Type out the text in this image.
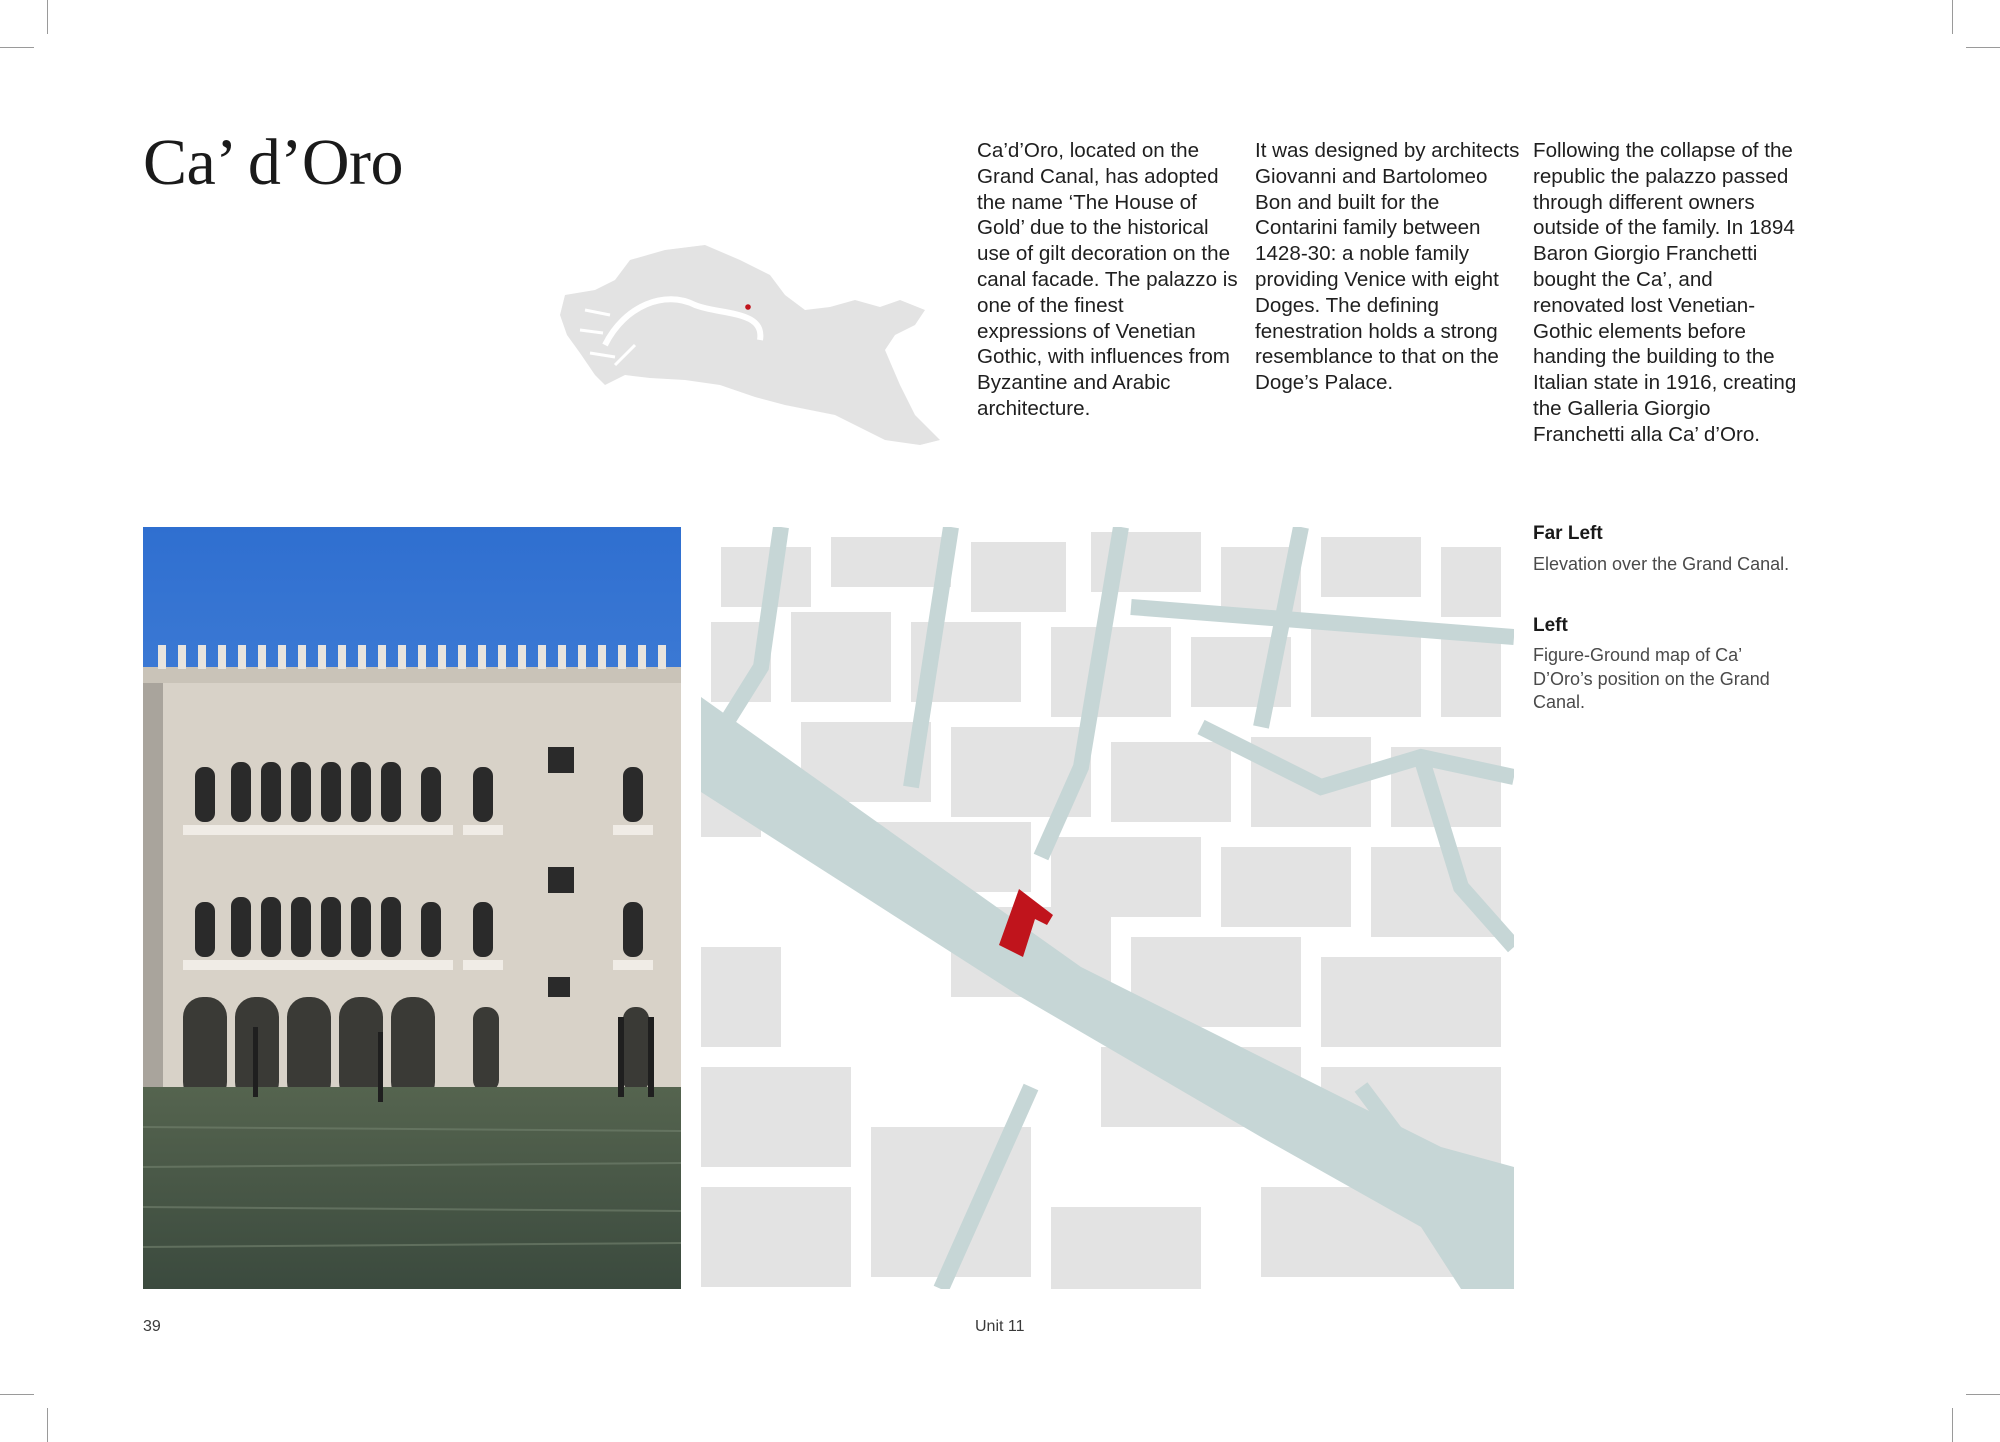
Ca’ d’Oro	Ca’d’Oro, located on the Grand Canal, has adopted the name ‘The House of Gold’ due to the historical use of gilt decoration on the canal facade. The palazzo is one of the finest expressions of Venetian Gothic, with influences from Byzantine and Arabic architecture.

It was designed by architects Giovanni and Bartolomeo Bon and built for the Contarini family between 1428-30: a noble family providing Venice with eight Doges. The defining fenestration holds a strong resemblance to that on the Doge’s Palace.

Following the collapse of the republic the palazzo passed through different owners outside of the family. In 1894 Baron Giorgio Franchetti bought the Ca’, and renovated lost Venetian-Gothic elements before handing the building to the Italian state in 1916, creating the Galleria Giorgio Franchetti alla Ca’ d’Oro.

Far Left

Elevation over the Grand Canal.

Left

Figure-Ground map of Ca’ D’Oro’s position on the Grand Canal.

39	Unit 11
